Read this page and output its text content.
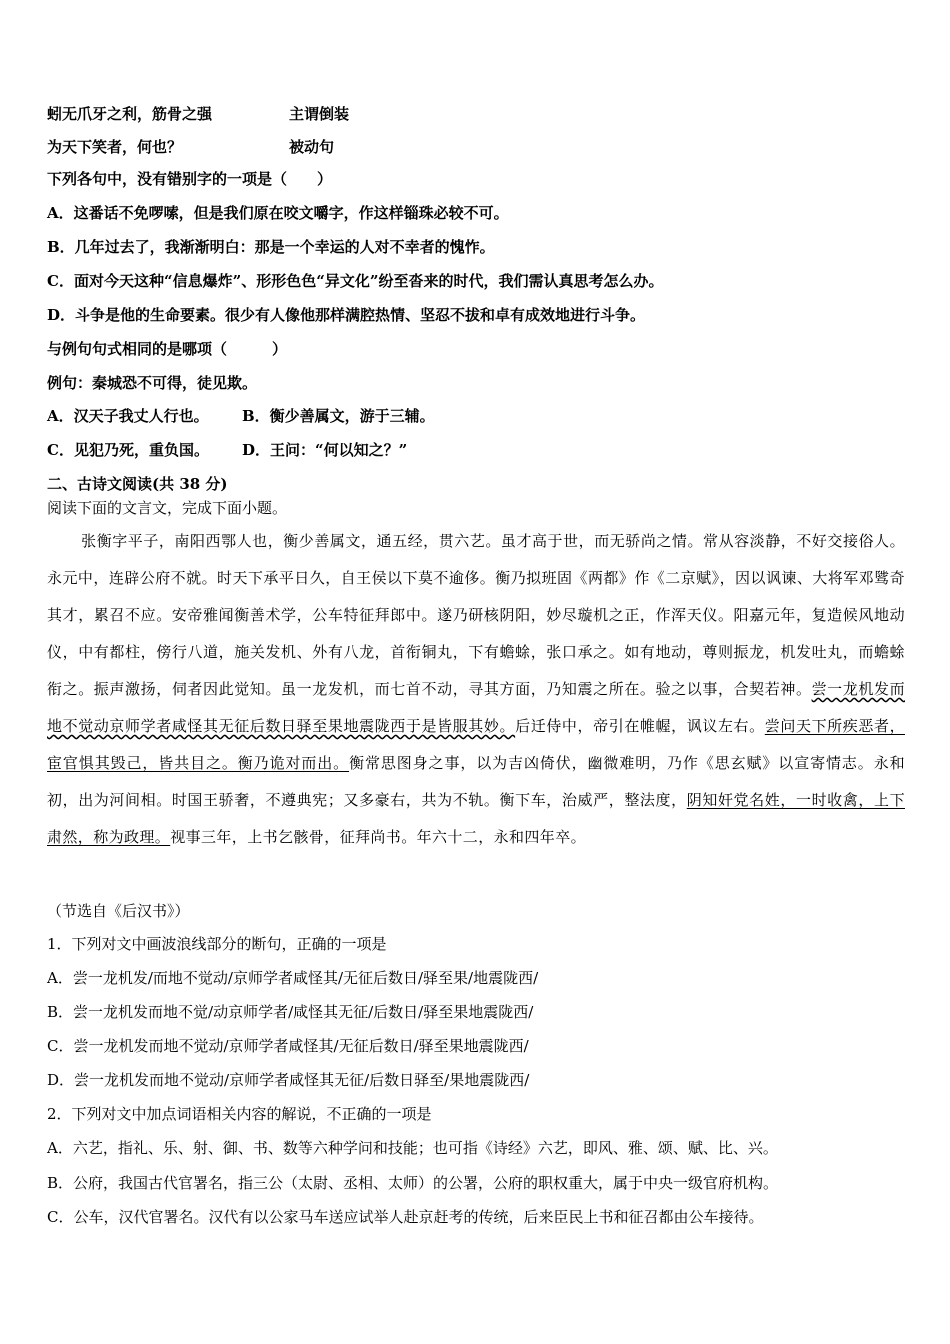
蚓无爪牙之利，筋骨之强	主谓倒装
为天下笑者，何也？	被动句
下列各句中，没有错别字的一项是（　　）
A．这番话不免啰嗦，但是我们原在咬文嚼字，作这样锱珠必较不可。
B．几年过去了，我渐渐明白：那是一个幸运的人对不幸者的愧怍。
C．面对今天这种“信息爆炸”、形形色色“异文化”纷至沓来的时代，我们需认真思考怎么办。
D．斗争是他的生命要素。很少有人像他那样满腔热情、坚忍不拔和卓有成效地进行斗争。
与例句句式相同的是哪项（　　　）
例句：秦城恐不可得，徒见欺。
A．汉天子我丈人行也。 B．衡少善属文，游于三辅。
C．见犯乃死，重负国。 D．王问：“何以知之？”
二、古诗文阅读(共 38 分)
阅读下面的文言文，完成下面小题。
张衡字平子，南阳西鄂人也，衡少善属文，通五经，贯六艺。虽才高于世，而无骄尚之情。常从容淡静，不好交接俗人。永元中，连辟公府不就。时天下承平日久，自王侯以下莫不逾侈。衡乃拟班固《两都》作《二京赋》，因以讽谏、大将军邓骘奇其才，累召不应。安帝雅闻衡善术学，公车特征拜郎中。遂乃研核阴阳，妙尽璇机之正，作浑天仪。阳嘉元年，复造候风地动仪，中有都柱，傍行八道，施关发机、外有八龙，首衔铜丸，下有蟾蜍，张口承之。如有地动，尊则振龙，机发吐丸，而蟾蜍衔之。振声激扬，伺者因此觉知。虽一龙发机，而七首不动，寻其方面，乃知震之所在。验之以事，合契若神。尝一龙机发而地不觉动京师学者咸怪其无征后数日驿至果地震陇西于是皆服其妙。后迁侍中，帝引在帷幄，讽议左右。尝问天下所疾恶者，宦官惧其毁己，皆共目之。衡乃诡对而出。衡常思图身之事，以为吉凶倚伏，幽微难明，乃作《思玄赋》以宣寄情志。永和初，出为河间相。时国王骄奢，不遵典宪；又多豪右，共为不轨。衡下车，治威严，整法度，阴知奸党名姓，一时收禽，上下肃然，称为政理。视事三年，上书乞骸骨，征拜尚书。年六十二，永和四年卒。
（节选自《后汉书》）
1．下列对文中画波浪线部分的断句，正确的一项是
A．尝一龙机发/而地不觉动/京师学者咸怪其/无征后数日/驿至果/地震陇西/
B．尝一龙机发而地不觉/动京师学者/咸怪其无征/后数日/驿至果地震陇西/
C．尝一龙机发而地不觉动/京师学者咸怪其/无征后数日/驿至果地震陇西/
D．尝一龙机发而地不觉动/京师学者咸怪其无征/后数日驿至/果地震陇西/
2．下列对文中加点词语相关内容的解说，不正确的一项是
A．六艺，指礼、乐、射、御、书、数等六种学问和技能；也可指《诗经》六艺，即风、雅、颂、赋、比、兴。
B．公府，我国古代官署名，指三公（太尉、丞相、太师）的公署，公府的职权重大，属于中央一级官府机构。
C．公车，汉代官署名。汉代有以公家马车送应试举人赴京赶考的传统，后来臣民上书和征召都由公车接待。
